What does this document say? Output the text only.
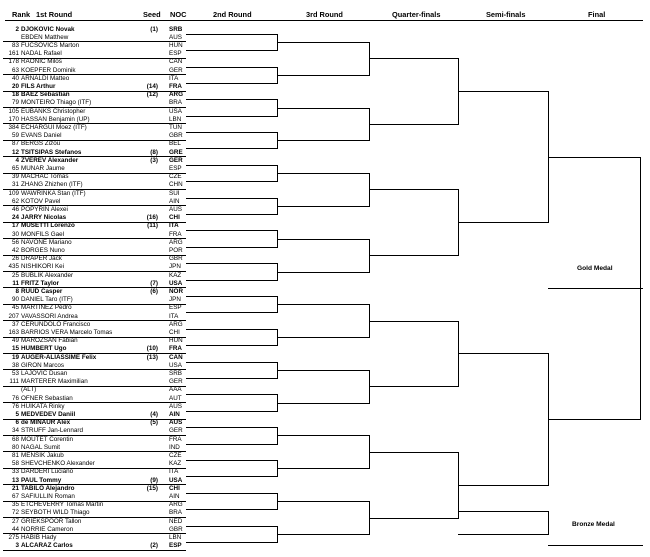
Rank 1st Round	Seed NOC	2nd Round	3rd Round	Quarter-finals	Semi-finals	Final
2 DJOKOVIC Novak	(1) SRB
EBDEN Matthew	AUS
83 FUCSOVICS Marton	HUN
161 NADAL Rafael	ESP
178 RAONIC Milos	CAN
63 KOEPFER Dominik	GER
40 ARNALDI Matteo	ITA
20 FILS Arthur	(14) FRA
18 BAEZ Sebastian	(12) ARG
79 MONTEIRO Thiago (ITF)	BRA
105 EUBANKS Christopher	USA
170 HASSAN Benjamin (UP)	LBN
384 ECHARGUI Moez (ITF)	TUN
59 EVANS Daniel	GBR
87 BERGS Zizou	BEL
12 TSITSIPAS Stefanos	(8) GRE
4 ZVEREV Alexander	(3) GER
65 MUNAR Jaume	ESP
39 MACHAC Tomas	CZE
31 ZHANG Zhizhen (ITF)	CHN
109 WAWRINKA Stan (ITF)	SUI
62 KOTOV Pavel	AIN
46 POPYRIN Alexei	AUS
24 JARRY Nicolas	(16) CHI
17 MUSETTI Lorenzo	(11) ITA
30 MONFILS Gael	FRA
56 NAVONE Mariano	ARG
42 BORGES Nuno	POR
26 DRAPER Jack	GBR
435 NISHIKORI Kei	JPN
25 BUBLIK Alexander	KAZ
11 FRITZ Taylor	(7) USA
8 RUUD Casper	(6) NOR
90 DANIEL Taro (ITF)	JPN
45 MARTINEZ Pedro	ESP
207 VAVASSORI Andrea	ITA
37 CERUNDOLO Francisco	ARG
163 BARRIOS VERA Marcelo Tomas	CHI
49 MAROZSAN Fabian	HUN
15 HUMBERT Ugo	(10) FRA
19 AUGER-ALIASSIME Felix	(13) CAN
38 GIRON Marcos	USA
53 LAJOVIC Dusan	SRB
111 MARTERER Maximilian	GER
(ALT)	AAA
76 OFNER Sebastian	AUT
76 HUIKATA Rinky	AUS
5 MEDVEDEV Daniil	(4) AIN
6 de MINAUR Alex	(5) AUS
34 STRUFF Jan-Lennard	GER
68 MOUTET Corentin	FRA
80 NAGAL Sumit	IND
81 MENSIK Jakub	CZE
58 SHEVCHENKO Alexander	KAZ
33 DARDERI Luciano	ITA
13 PAUL Tommy	(9) USA
21 TABILO Alejandro	(15) CHI
67 SAFIULLIN Roman	AIN
35 ETCHEVERRY Tomas Martin	ARG
72 SEYBOTH WILD Thiago	BRA
27 GRIEKSPOOR Tallon	NED
44 NORRIE Cameron	GBR
275 HABIB Hady	LBN
3 ALCARAZ Carlos	(2) ESP
Gold Medal
Bronze Medal
